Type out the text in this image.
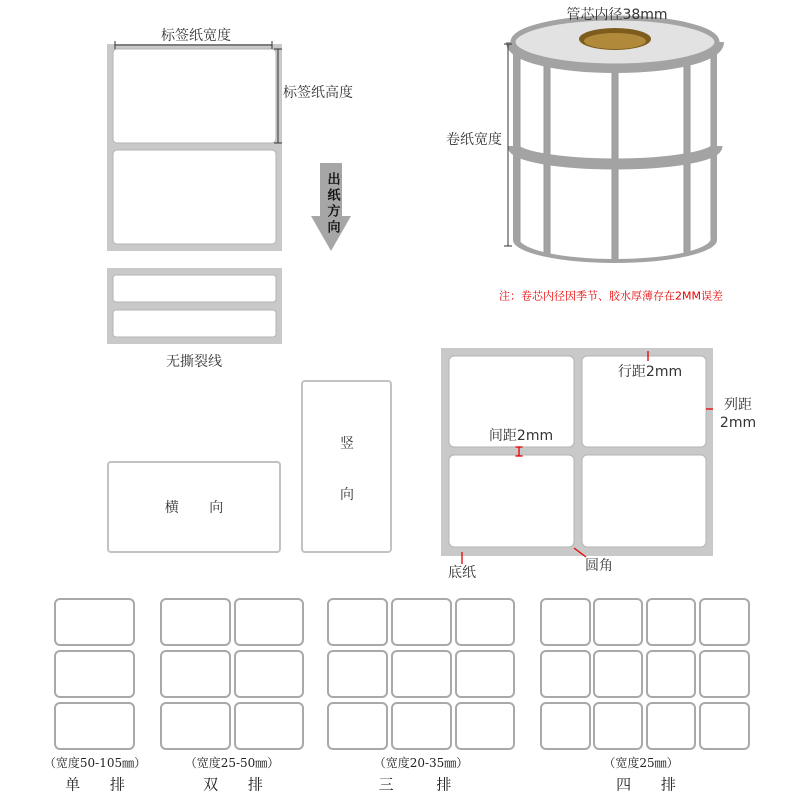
标签纸宽度
标签纸高度
出纸方向
无撕裂线
管芯内径38mm
卷纸宽度
注：卷芯内径因季节、胶水厚薄存在2MM误差
横 向
竖 向
行距2mm
列距
2mm
间距2mm
底纸	圆角
（宽度50-105㎜）
单 排
（宽度25-50㎜）
双 排
（宽度20-35㎜）
三 排
（宽度25㎜）
四 排
